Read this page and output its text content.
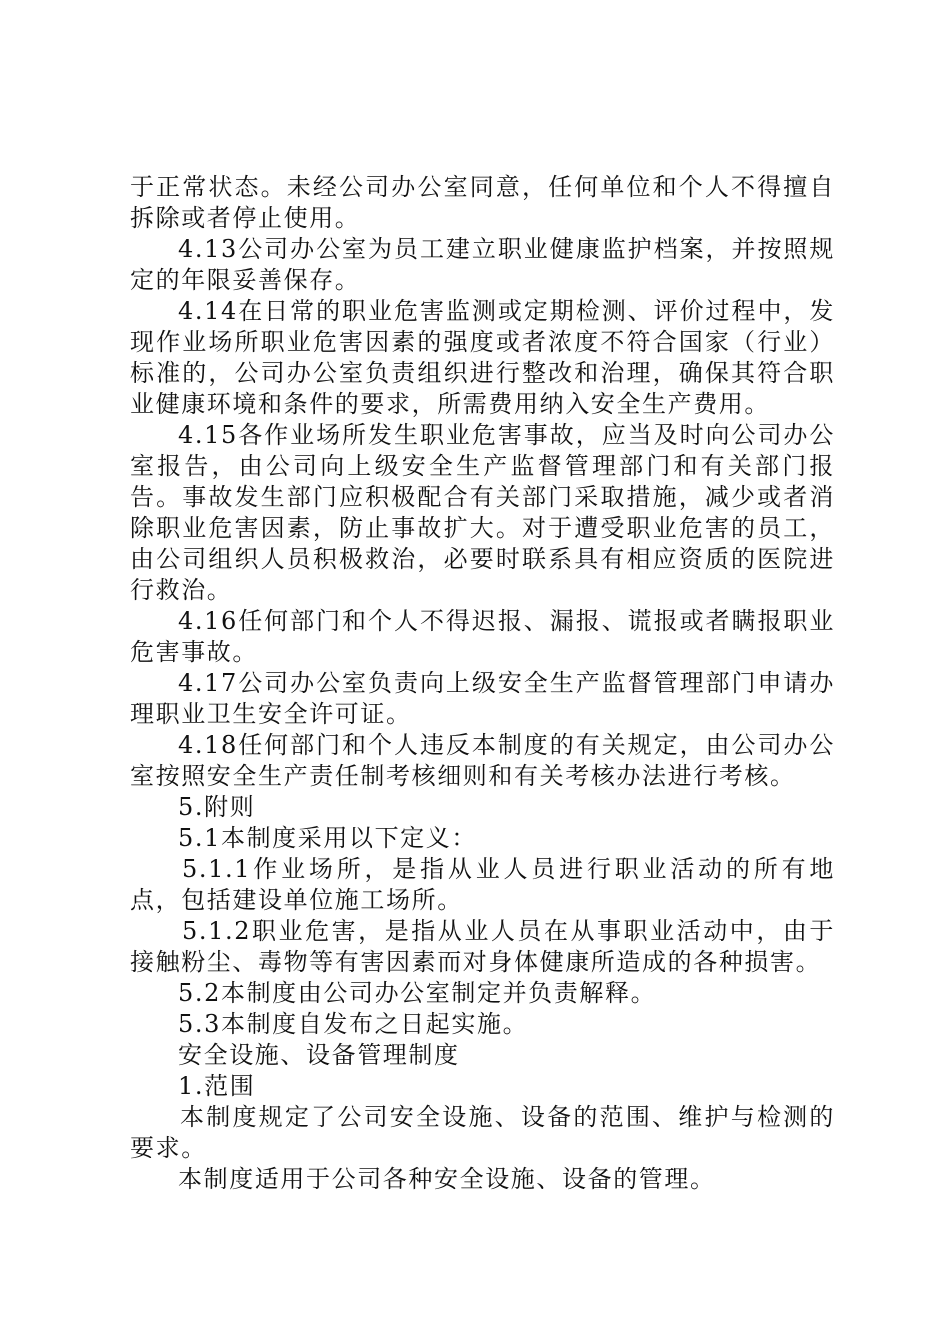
于正常状态。未经公司办公室同意，任何单位和个人不得擅自拆除或者停止使用。

4.13公司办公室为员工建立职业健康监护档案，并按照规定的年限妥善保存。

4.14在日常的职业危害监测或定期检测、评价过程中，发现作业场所职业危害因素的强度或者浓度不符合国家（行业）标准的，公司办公室负责组织进行整改和治理，确保其符合职业健康环境和条件的要求，所需费用纳入安全生产费用。

4.15各作业场所发生职业危害事故，应当及时向公司办公室报告，由公司向上级安全生产监督管理部门和有关部门报告。事故发生部门应积极配合有关部门采取措施，减少或者消除职业危害因素，防止事故扩大。对于遭受职业危害的员工，由公司组织人员积极救治，必要时联系具有相应资质的医院进行救治。

4.16任何部门和个人不得迟报、漏报、谎报或者瞒报职业危害事故。

4.17公司办公室负责向上级安全生产监督管理部门申请办理职业卫生安全许可证。

4.18任何部门和个人违反本制度的有关规定，由公司办公室按照安全生产责任制考核细则和有关考核办法进行考核。

5.附则

5.1本制度采用以下定义：

5.1.1作业场所，是指从业人员进行职业活动的所有地点，包括建设单位施工场所。

5.1.2职业危害，是指从业人员在从事职业活动中，由于接触粉尘、毒物等有害因素而对身体健康所造成的各种损害。

5.2本制度由公司办公室制定并负责解释。

5.3本制度自发布之日起实施。

安全设施、设备管理制度

1.范围

本制度规定了公司安全设施、设备的范围、维护与检测的要求。

本制度适用于公司各种安全设施、设备的管理。
